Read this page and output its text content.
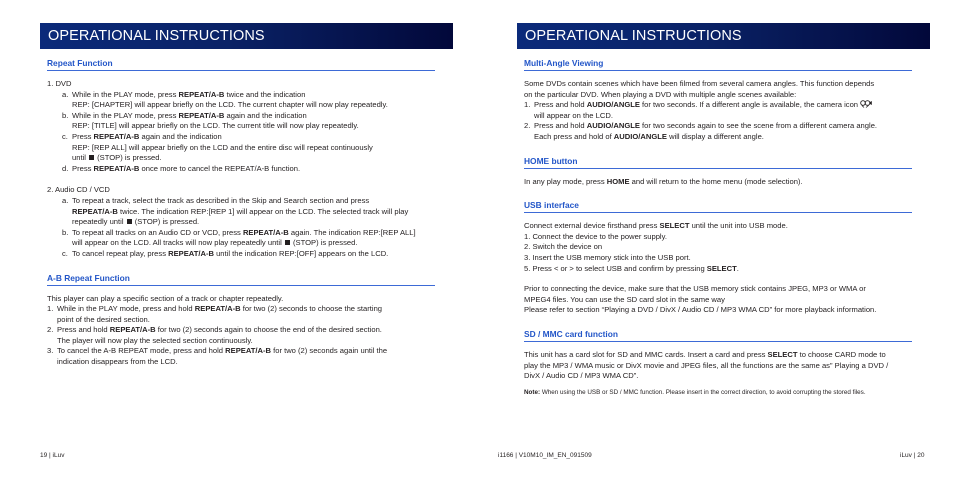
OPERATIONAL INSTRUCTIONS
Repeat Function

1. DVD

a. While in the PLAY mode, press REPEAT/A-B twice and the indication
REP: [CHAPTER] will appear briefly on the LCD. The current chapter will now play repeatedly.
b. While in the PLAY mode, press REPEAT/A-B again and the indication
REP: [TITLE] will appear briefly on the LCD. The current title will now play repeatedly.
c. Press REPEAT/A-B again and the indication
REP: [REP ALL] will appear briefly on the LCD and the entire disc will repeat continuously
until  (STOP) is pressed.
d. Press REPEAT/A-B once more to cancel the REPEAT/A-B function.

2. Audio CD / VCD

a. To repeat a track, select the track as described in the Skip and Search section and press
REPEAT/A-B twice. The indication REP:[REP 1] will appear on the LCD. The selected track will play
repeatedly until  (STOP) is pressed.
b. To repeat all tracks on an Audio CD or VCD, press REPEAT/A-B again. The indication REP:[REP ALL]
will appear on the LCD. All tracks will now play repeatedly until  (STOP) is pressed.
c. To cancel repeat play, press REPEAT/A-B until the indication REP:[OFF] appears on the LCD.
A-B Repeat Function

This player can play a specific section of a track or chapter repeatedly.

1. While in the PLAY mode, press and hold REPEAT/A-B for two (2) seconds to choose the starting
point of the desired section.
2. Press and hold REPEAT/A-B for two (2) seconds again to choose the end of the desired section.
The player will now play the selected section continuously.
3. To cancel the A-B REPEAT mode, press and hold REPEAT/A-B for two (2) seconds again until the
indication disappears from the LCD.
OPERATIONAL INSTRUCTIONS
Multi-Angle Viewing

Some DVDs contain scenes which have been filmed from several camera angles. This function depends

on the particular DVD. When playing a DVD with multiple angle scenes available:

1. Press and hold AUDIO/ANGLE for two seconds. If a different angle is available, the camera icon
will appear on the LCD.
2. Press and hold AUDIO/ANGLE for two seconds again to see the scene from a different camera angle.
Each press and hold of AUDIO/ANGLE will display a different angle.
HOME button

In any play mode, press HOME and will return to the home menu (mode selection).

USB interface

Connect external device firsthand press SELECT until the unit into USB mode.

1. Connect the device to the power supply.

2. Switch the device on

3. Insert the USB memory stick into the USB port.

5. Press < or > to select USB and confirm by pressing SELECT.

Prior to connecting the device, make sure that the USB memory stick contains JPEG, MP3 or WMA or

MPEG4 files. You can use the SD card slot in the same way

Please refer to section “Playing a DVD / DivX / Audio CD / MP3 WMA CD” for more playback information.

SD / MMC card function

This unit has a card slot for SD and MMC cards. Insert a card and press SELECT to choose CARD mode to

play the MP3 / WMA music or DivX movie and JPEG files, all the functions are the same as” Playing a DVD /

DivX / Audio CD / MP3 WMA CD”.

Note: When using the USB or SD / MMC function. Please insert in the correct direction, to avoid corrupting the stored files.

19 | iLuv	i1166 | V10M10_IM_EN_091509	iLuv | 20
